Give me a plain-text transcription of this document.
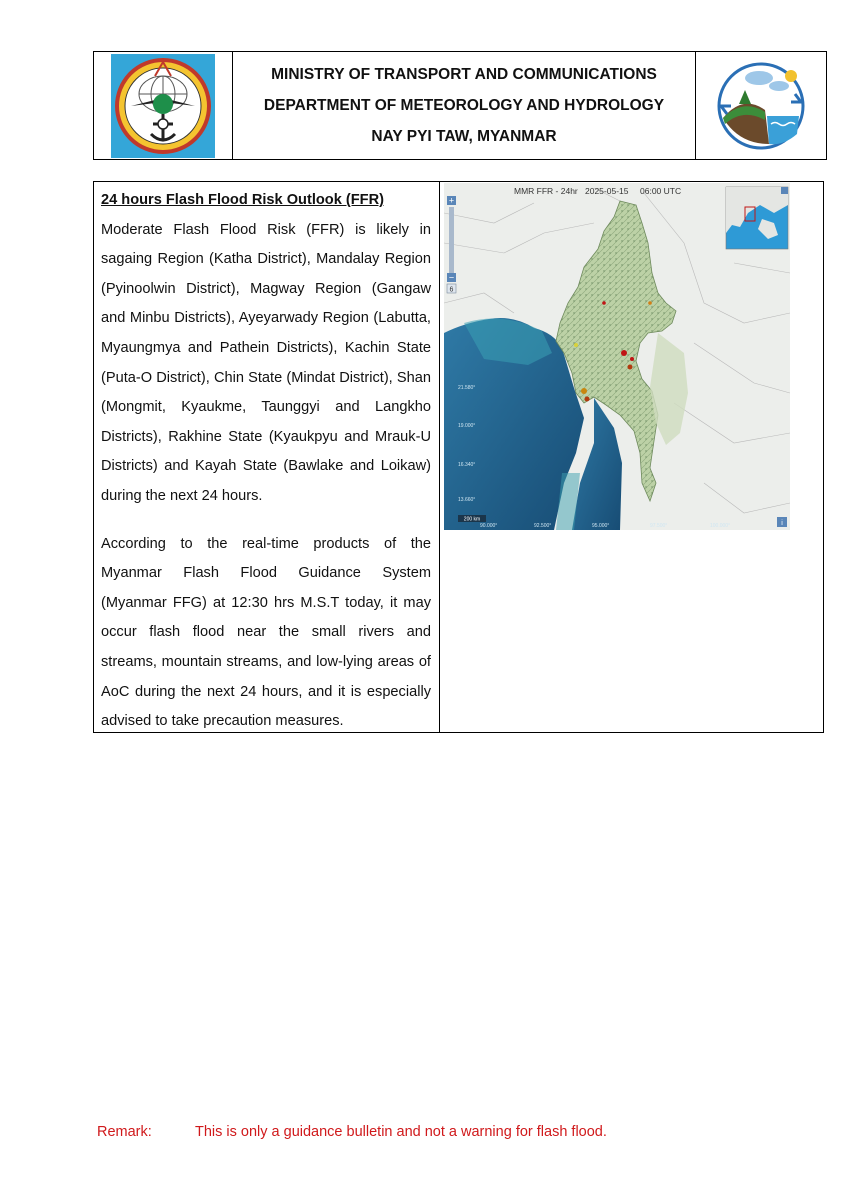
MINISTRY OF TRANSPORT AND COMMUNICATIONS
DEPARTMENT OF METEOROLOGY AND HYDROLOGY
NAY PYI TAW, MYANMAR
24 hours Flash Flood Risk Outlook (FFR)

Moderate Flash Flood Risk (FFR) is likely in sagaing Region (Katha District), Mandalay Region (Pyinoolwin District), Magway Region (Gangaw and Minbu Districts), Ayeyarwady Region (Labutta, Myaungmya and Pathein Districts), Kachin State (Puta-O District), Chin State (Mindat District), Shan (Mongmit, Kyaukme, Taunggyi and Langkho Districts), Rakhine State (Kyaukpyu and Mrauk-U Districts) and Kayah State (Bawlake and Loikaw) during the next 24 hours.

According to the real-time products of the Myanmar Flash Flood Guidance System (Myanmar FFG) at 12:30 hrs M.S.T today, it may occur flash flood near the small rivers and streams, mountain streams, and low-lying areas of AoC during the next 24 hours, and it is especially advised to take precaution measures.

MMR FFR - 24hr 2025-05-15 06:00 UTC
+
−
6
21.580°
19.000°
16.340°
13.660°
90.000°	92.500°	95.000°	97.500°	100.000°
200 km
i
Remark:	This is only a guidance bulletin and not a warning for flash flood.
